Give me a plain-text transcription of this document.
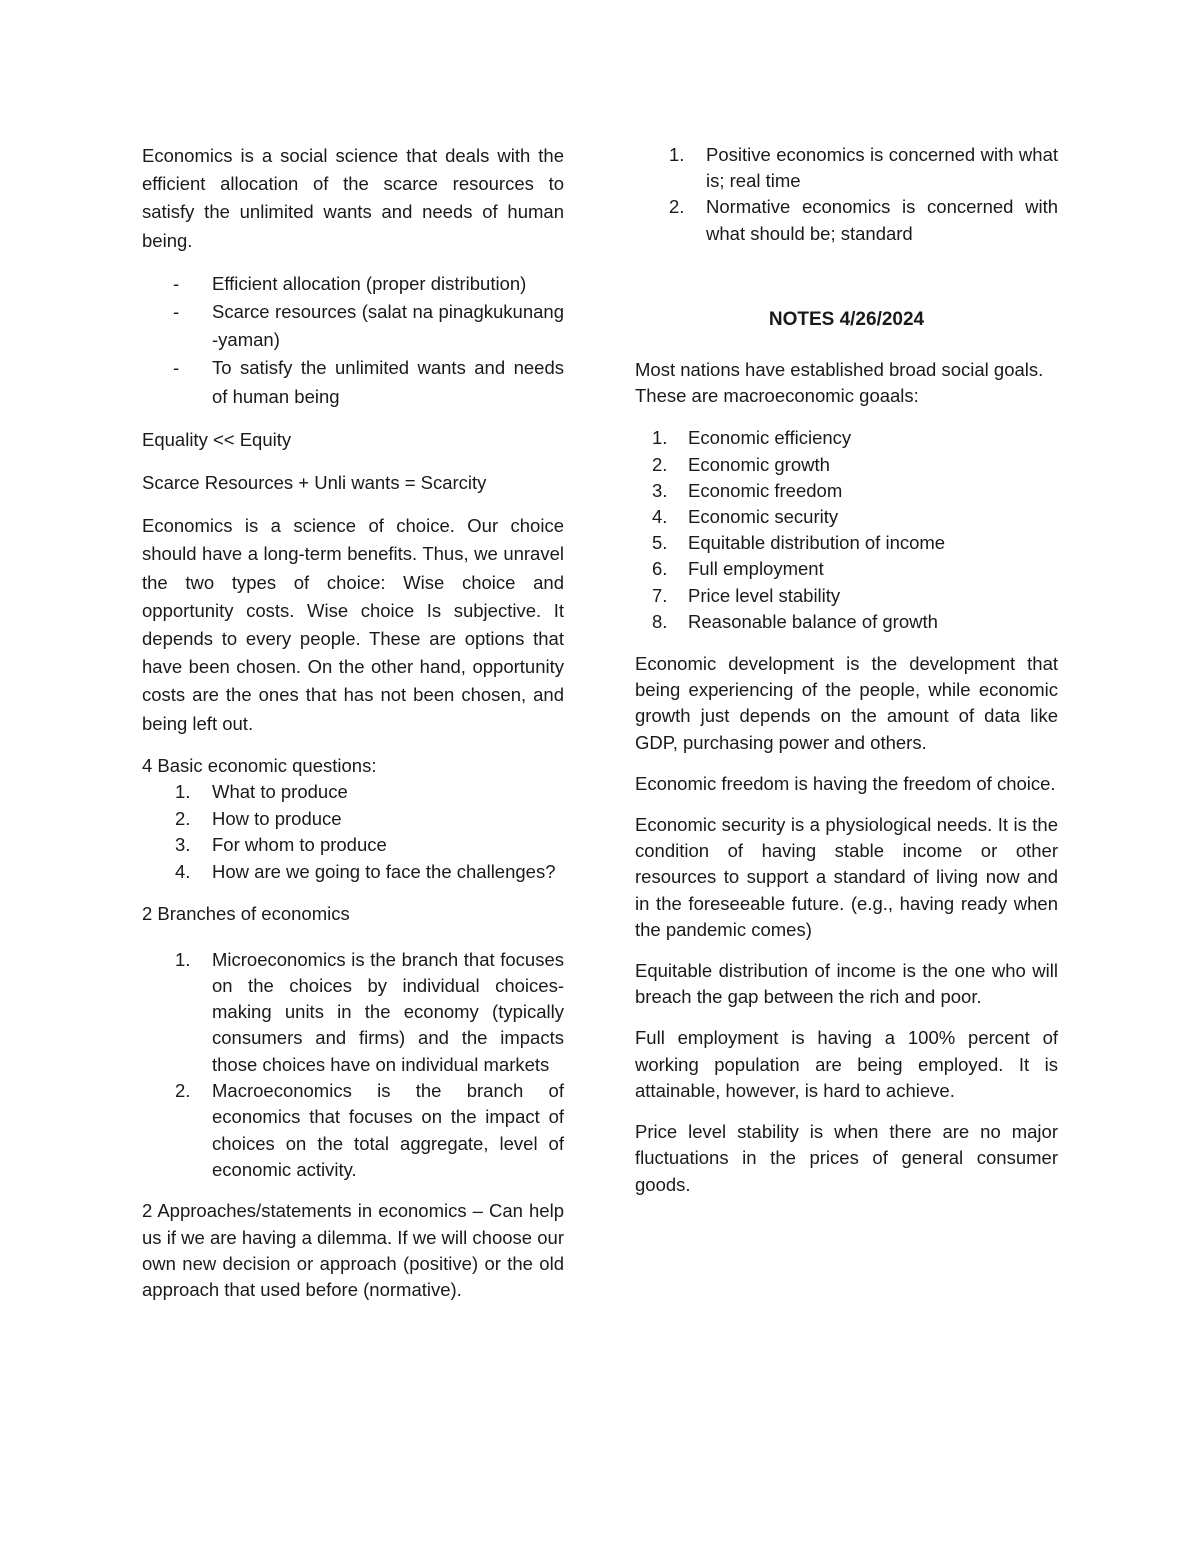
Economics is a social science that deals with the efficient allocation of the scarce resources to satisfy the unlimited wants and needs of human being.

- Efficient allocation (proper distribution)
- Scarce resources (salat na pinagkukunang -yaman)
- To satisfy the unlimited wants and needs of human being

Equality << Equity

Scarce Resources + Unli wants = Scarcity

Economics is a science of choice. Our choice should have a long-term benefits. Thus, we unravel the two types of choice: Wise choice and opportunity costs. Wise choice Is subjective. It depends to every people. These are options that have been chosen. On the other hand, opportunity costs are the ones that has not been chosen, and being left out.

4 Basic economic questions:
1. What to produce
2. How to produce
3. For whom to produce
4. How are we going to face the challenges?

2 Branches of economics

1. Microeconomics is the branch that focuses on the choices by individual choices-making units in the economy (typically consumers and firms) and the impacts those choices have on individual markets
2. Macroeconomics is the branch of economics that focuses on the impact of choices on the total aggregate, level of economic activity.

2 Approaches/statements in economics – Can help us if we are having a dilemma. If we will choose our own new decision or approach (positive) or the old approach that used before (normative).

1. Positive economics is concerned with what is; real time
2. Normative economics is concerned with what should be; standard
NOTES 4/26/2024

Most nations have established broad social goals. These are macroeconomic goaals:

1. Economic efficiency
2. Economic growth
3. Economic freedom
4. Economic security
5. Equitable distribution of income
6. Full employment
7. Price level stability
8. Reasonable balance of growth

Economic development is the development that being experiencing of the people, while economic growth just depends on the amount of data like GDP, purchasing power and others.

Economic freedom is having the freedom of choice.

Economic security is a physiological needs. It is the condition of having stable income or other resources to support a standard of living now and in the foreseeable future. (e.g., having ready when the pandemic comes)

Equitable distribution of income is the one who will breach the gap between the rich and poor.

Full employment is having a 100% percent of working population are being employed. It is attainable, however, is hard to achieve.

Price level stability is when there are no major fluctuations in the prices of general consumer goods.
